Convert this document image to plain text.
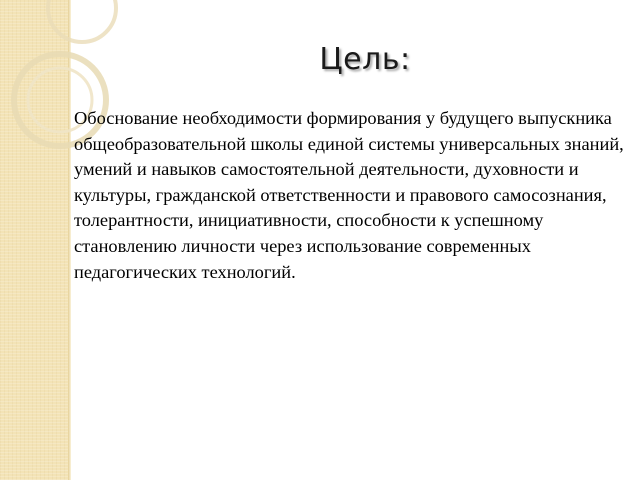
Цель:
Обоснование необходимости формирования у будущего выпускника общеобразовательной школы единой системы универсальных знаний, умений и навыков самостоятельной деятельности, духовности и культуры, гражданской ответственности и правового самосознания, толерантности, инициативности, способности к успешному становлению личности через использование современных педагогических технологий.
